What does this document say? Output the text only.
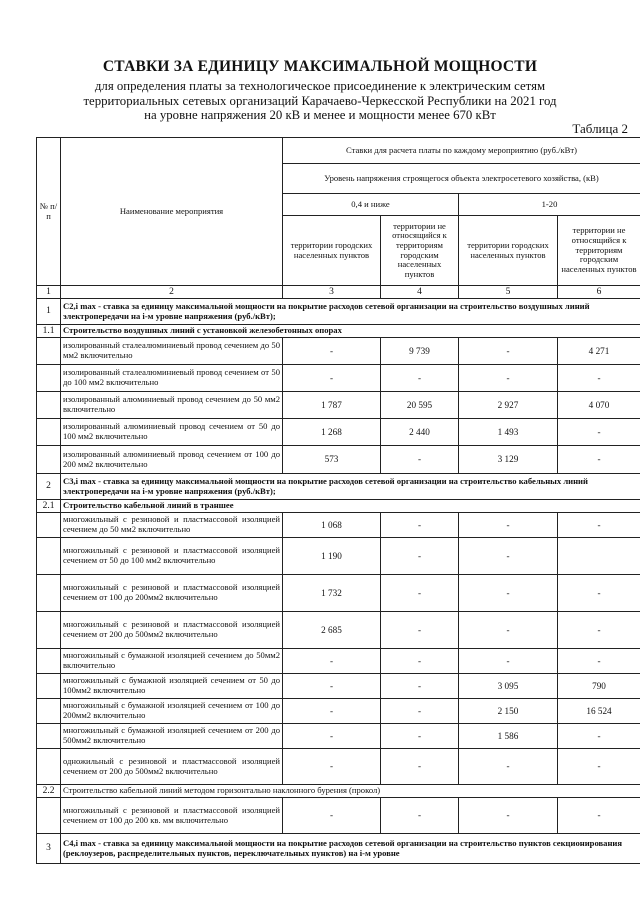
СТАВКИ ЗА ЕДИНИЦУ МАКСИМАЛЬНОЙ МОЩНОСТИ
для определения платы за технологическое присоединение к электрическим сетям
территориальных сетевых организаций Карачаево-Черкесской Республики на 2021 год
на уровне напряжения 20 кВ и менее и мощности менее 670 кВт
Таблица 2
№ п/п	Наименование мероприятия	Ставки для расчета платы по каждому мероприятию (руб./кВт)			
		Уровень напряжения строящегося объекта электросетевого хозяйства, (кВ)			
		0,4 и ниже		1-20	
		территории городских населенных пунктов	территории не относящийся к территориям городским населенных пунктов	территории городских населенных пунктов	территории не относящийся к территориям городским населенных пунктов
1	2	3	4	5	6
1	С2,i max - ставка за единицу максимальной мощности на покрытие расходов сетевой организации на строительство воздушных линий электропередачи на i-м уровне напряжения (руб./кВт);				
1.1	Строительство воздушных линий с установкой железобетонных опорах				
	изолированный сталеалюминиевый провод сечением до 50 мм2 включительно	-	9 739	-	4 271
	изолированный сталеалюминиевый провод сечением от 50 до 100 мм2 включительно	-	-	-	-
	изолированный алюминиевый провод сечением до 50 мм2 включительно	1 787	20 595	2 927	4 070
	изолированный алюминиевый провод сечением от 50 до 100 мм2 включительно	1 268	2 440	1 493	-
	изолированный алюминиевый провод сечением от 100 до 200 мм2 включительно	573	-	3 129	-
2	С3,i max - ставка за единицу максимальной мощности на покрытие расходов сетевой организации на строительство кабельных линий электропередачи на i-м уровне напряжения (руб./кВт);				
2.1	Строительство кабельной линий в траншее				
	многожильный с резиновой и пластмассовой изоляцией сечением до 50 мм2 включительно	1 068	-	-	-
	многожильный с резиновой и пластмассовой изоляцией сечением от 50 до 100 мм2 включительно	1 190	-	-	
	многожильный с резиновой и пластмассовой изоляцией сечением от 100 до 200мм2 включительно	1 732	-	-	-
	многожильный с резиновой и пластмассовой изоляцией сечением от 200 до 500мм2 включительно	2 685	-	-	-
	многожильный с бумажной изоляцией сечением до 50мм2 включительно	-	-	-	-
	многожильный с бумажной изоляцией сечением от 50 до 100мм2 включительно	-	-	3 095	790
	многожильный с бумажной изоляцией сечением от 100 до 200мм2 включительно	-	-	2 150	16 524
	многожильный с бумажной изоляцией сечением от 200 до 500мм2 включительно	-	-	1 586	-
	одножильный с резиновой и пластмассовой изоляцией сечением от 200 до 500мм2 включительно	-	-	-	-
2.2	Строительство кабельной линий методом горизонтально наклонного бурения (прокол)				
	многожильный с резиновой и пластмассовой изоляцией сечением от 100 до 200 кв. мм включительно	-	-	-	-
3	С4,i max - ставка за единицу максимальной мощности на покрытие расходов сетевой организации на строительство пунктов секционирования (реклоузеров, распределительных пунктов, переключательных пунктов) на i-м уровне				
